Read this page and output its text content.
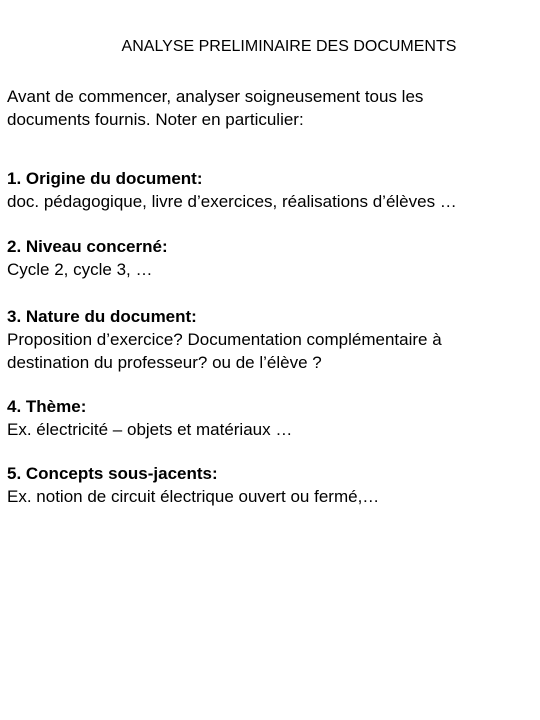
ANALYSE PRELIMINAIRE DES DOCUMENTS
Avant de commencer, analyser soigneusement tous les
documents fournis. Noter en particulier:
1. Origine du document:
doc. pédagogique, livre d’exercices, réalisations d’élèves …
2. Niveau concerné:
Cycle 2, cycle 3, …
3. Nature du document:
Proposition d’exercice? Documentation complémentaire à
destination du professeur? ou de l’élève ?
4. Thème:
Ex. électricité – objets et matériaux …
5. Concepts sous-jacents:
Ex. notion de circuit électrique ouvert ou fermé,…
